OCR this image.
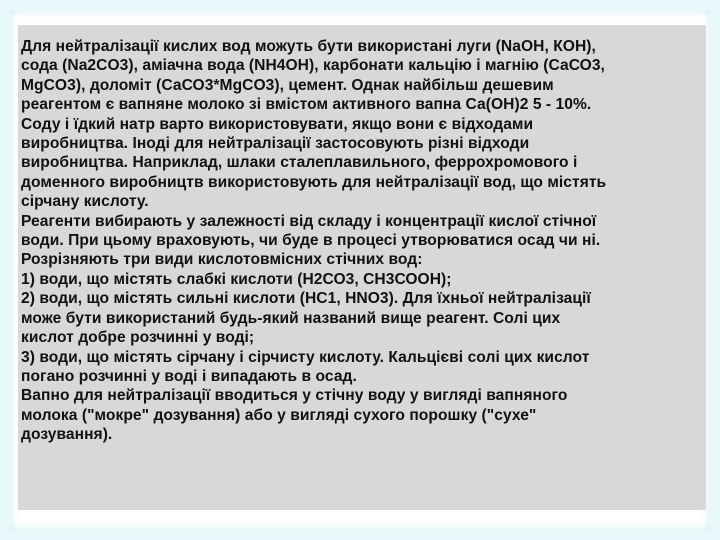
Для нейтралізації кислих вод можуть бути використані луги (NaOH, КОН),
сода (Na2CO3), аміачна вода (NH4OH), карбонати кальцію і магнію (СаСО3,
MgCO3), доломіт (СаСО3*MgCO3), цемент. Однак найбільш дешевим
реагентом є вапняне молоко зі вмістом активного вапна Са(ОН)2 5 - 10%.
Соду і їдкий натр варто використовувати, якщо вони є відходами
виробництва. Іноді для нейтралізації застосовують різні відходи
виробництва. Наприклад, шлаки сталеплавильного, феррохромового і
доменного виробництв використовують для нейтралізації вод, що містять
сірчану кислоту.
Реагенти вибирають у залежності від складу і концентрації кислої стічної
води. При цьому враховують, чи буде в процесі утворюватися осад чи ні.
Розрізняють три види кислотовмісних стічних вод:
1) води, що містять слабкі кислоти (Н2СО3, СН3СООН);
2) води, що містять сильні кислоти (НС1, HNO3). Для їхньої нейтралізації
може бути використаний будь-який названий вище реагент. Солі цих
кислот добре розчинні у воді;
3) води, що містять сірчану і сірчисту кислоту. Кальцієві солі цих кислот
погано розчинні у воді і випадають в осад.
Вапно для нейтралізації вводиться у стічну воду у вигляді вапняного
молока ("мокре" дозування) або у вигляді сухого порошку ("сухе"
дозування).
